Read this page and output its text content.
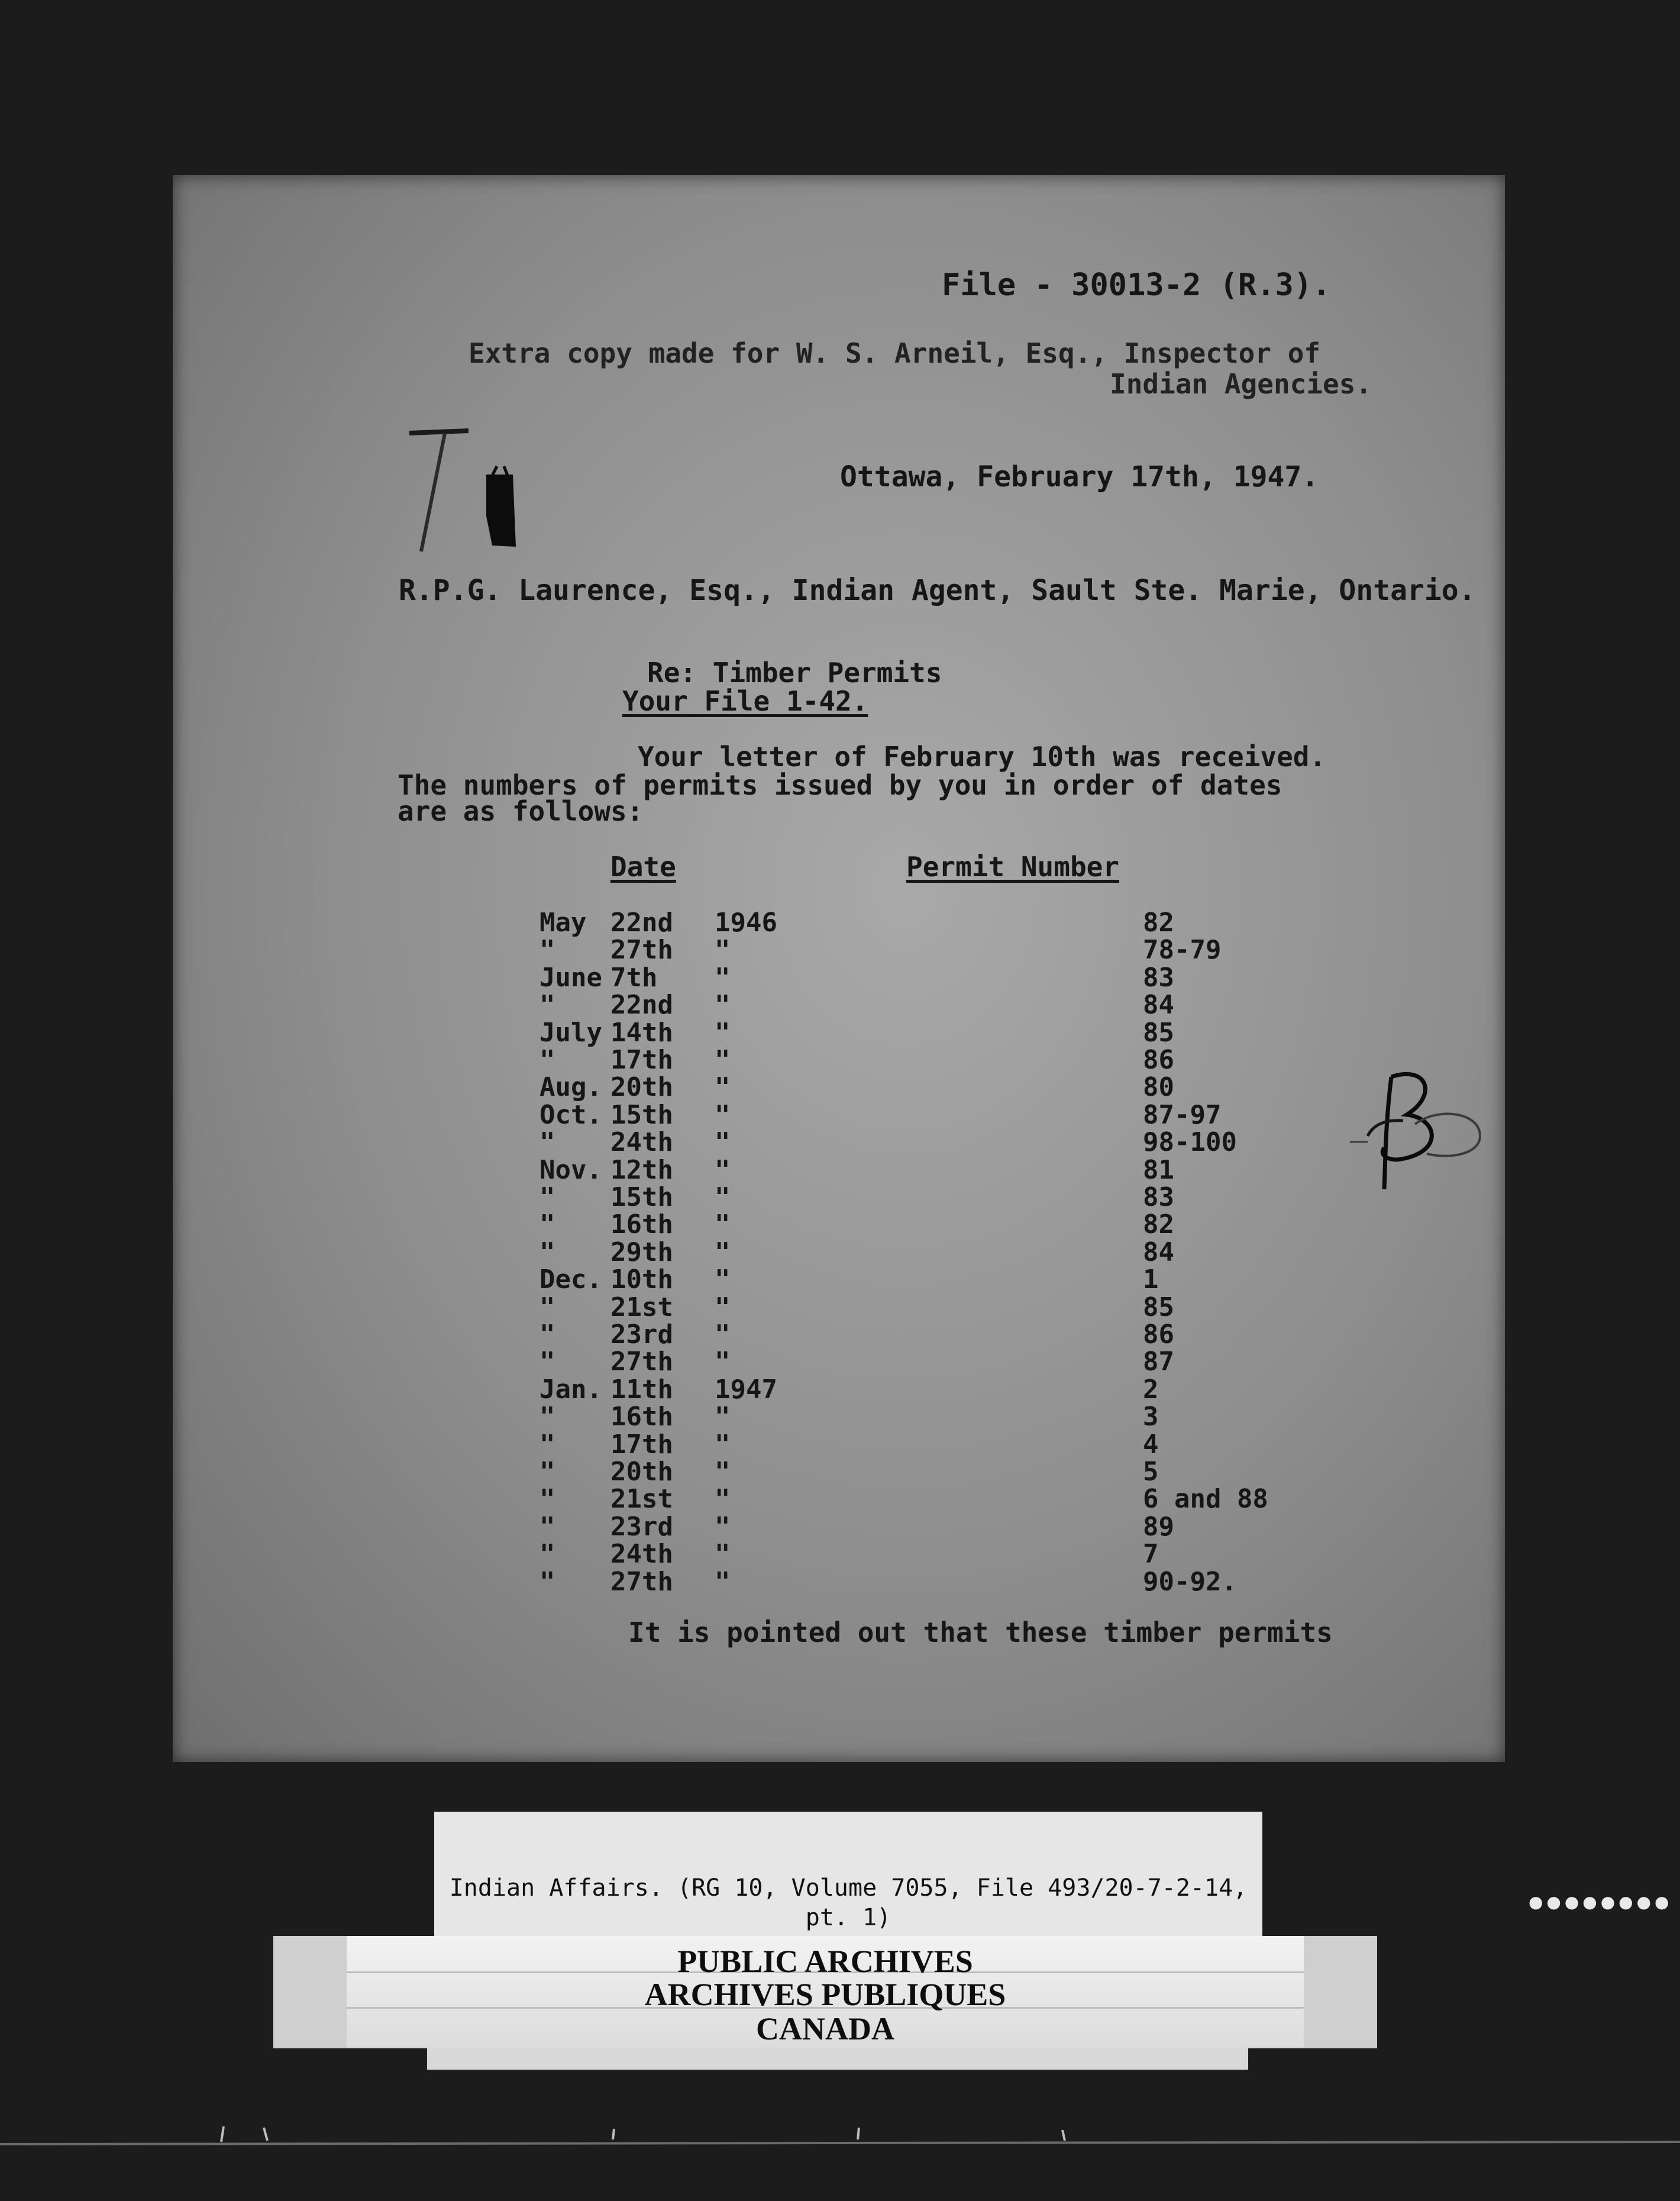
File - 30013-2 (R.3).
Extra copy made for W. S. Arneil, Esq., Inspector of
Indian Agencies.
Ottawa, February 17th, 1947.
R.P.G. Laurence, Esq., Indian Agent, Sault Ste. Marie, Ontario.
Re: Timber Permits
Your File 1-42.
Your letter of February 10th was received.
The numbers of permits issued by you in order of dates
are as follows:
Date	Permit Number
May 22nd 1946	82
" 27th "	78-79
June 7th "	83
" 22nd "	84
July 14th "	85
" 17th "	86
Aug. 20th "	80
Oct. 15th "	87-97
" 24th "	98-100
Nov. 12th "	81
" 15th "	83
" 16th "	82
" 29th "	84
Dec. 10th "	1
" 21st "	85
" 23rd "	86
" 27th "	87
Jan. 11th 1947	2
" 16th "	3
" 17th "	4
" 20th "	5
" 21st "	6 and 88
" 23rd "	89
" 24th "	7
" 27th "	90-92.
It is pointed out that these timber permits
●●●●●●●●
Indian Affairs. (RG 10, Volume 7055, File 493/20-7-2-14,
pt. 1)
PUBLIC ARCHIVES
ARCHIVES PUBLIQUES
CANADA
